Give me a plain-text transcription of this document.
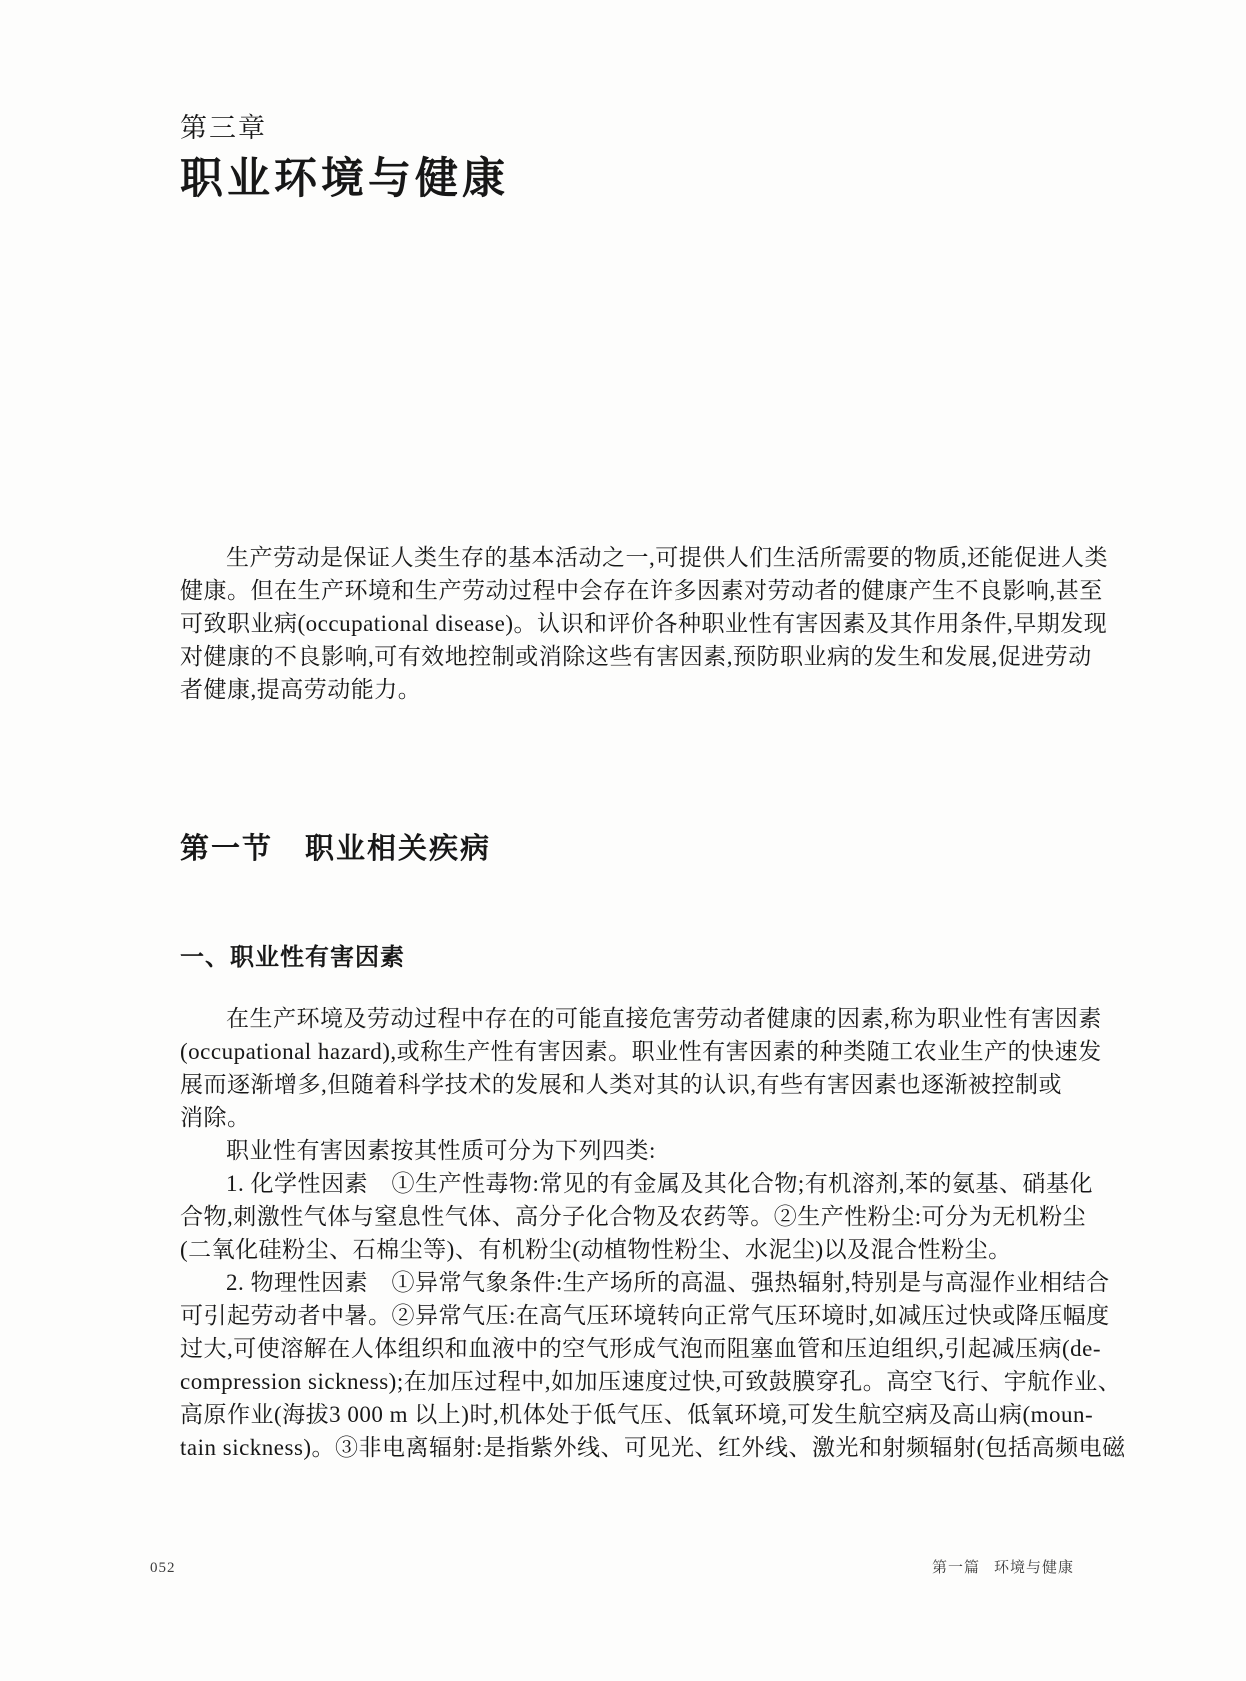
第三章
职业环境与健康
生产劳动是保证人类生存的基本活动之一,可提供人们生活所需要的物质,还能促进人类
健康。但在生产环境和生产劳动过程中会存在许多因素对劳动者的健康产生不良影响,甚至
可致职业病(occupational disease)。认识和评价各种职业性有害因素及其作用条件,早期发现
对健康的不良影响,可有效地控制或消除这些有害因素,预防职业病的发生和发展,促进劳动
者健康,提高劳动能力。
第一节 职业相关疾病
一、职业性有害因素
在生产环境及劳动过程中存在的可能直接危害劳动者健康的因素,称为职业性有害因素
(occupational hazard),或称生产性有害因素。职业性有害因素的种类随工农业生产的快速发
展而逐渐增多,但随着科学技术的发展和人类对其的认识,有些有害因素也逐渐被控制或
消除。
职业性有害因素按其性质可分为下列四类:
1. 化学性因素　①生产性毒物:常见的有金属及其化合物;有机溶剂,苯的氨基、硝基化
合物,刺激性气体与窒息性气体、高分子化合物及农药等。②生产性粉尘:可分为无机粉尘
(二氧化硅粉尘、石棉尘等)、有机粉尘(动植物性粉尘、水泥尘)以及混合性粉尘。
2. 物理性因素　①异常气象条件:生产场所的高温、强热辐射,特别是与高湿作业相结合
可引起劳动者中暑。②异常气压:在高气压环境转向正常气压环境时,如减压过快或降压幅度
过大,可使溶解在人体组织和血液中的空气形成气泡而阻塞血管和压迫组织,引起减压病(de-
compression sickness);在加压过程中,如加压速度过快,可致鼓膜穿孔。高空飞行、宇航作业、
高原作业(海拔3 000 m 以上)时,机体处于低气压、低氧环境,可发生航空病及高山病(moun-
tain sickness)。③非电离辐射:是指紫外线、可见光、红外线、激光和射频辐射(包括高频电磁
052	第一篇 环境与健康
